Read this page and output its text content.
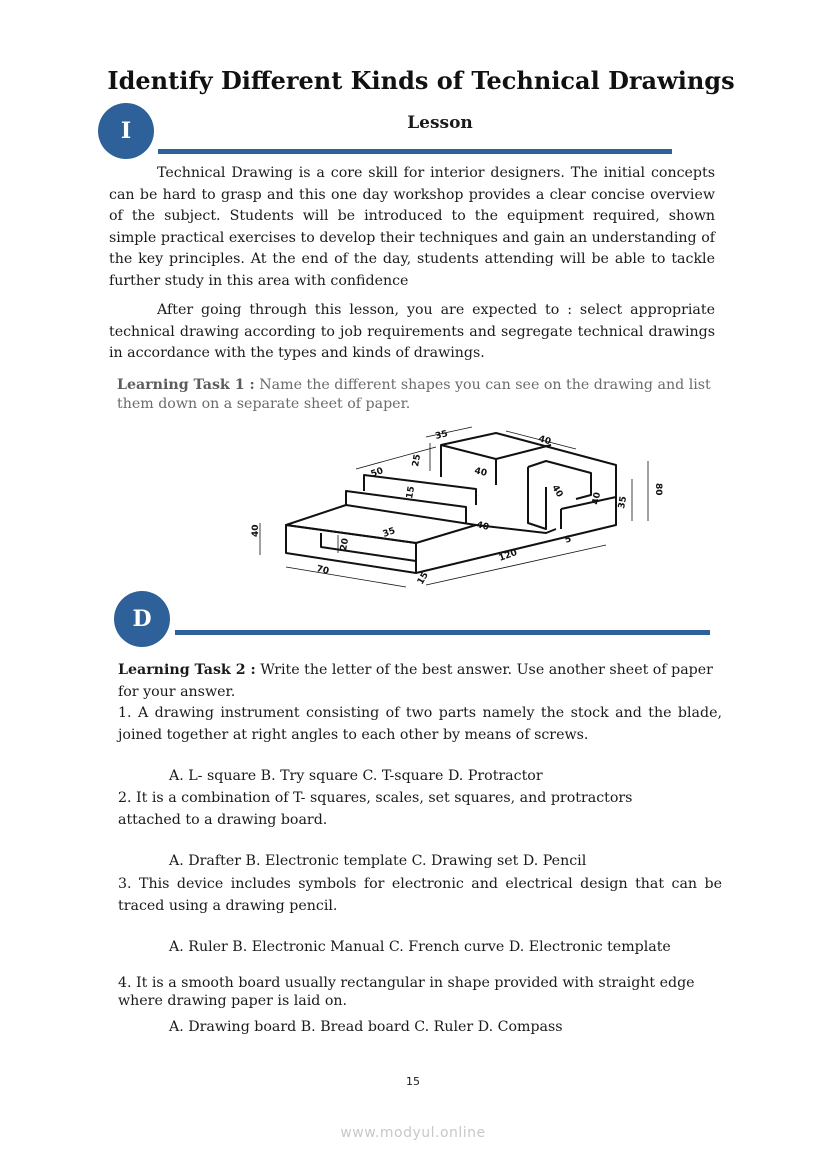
Identify Different Kinds of Technical Drawings
I	Lesson
Technical Drawing is a core skill for interior designers. The initial concepts can be hard to grasp and this one day workshop provides a clear concise overview of the subject. Students will be introduced to the equipment required, shown simple practical exercises to develop their techniques and gain an understanding of the key principles. At the end of the day, students attending will be able to tackle further study in this area with confidence
After going through this lesson, you are expected to : select appropriate technical drawing according to job requirements and segregate technical drawings in accordance with the types and kinds of drawings.
Learning Task 1 : Name the different shapes you can see on the drawing and list them down on a separate sheet of paper.
35	40
25
50	40
15	40	40
80
35
40
20
35
70
15
120
5
40
D
Learning Task 2 : Write the letter of the best answer. Use another sheet of paper for your answer.
1. A drawing instrument consisting of two parts namely the stock and the blade, joined together at right angles to each other by means of screws.
A. L- square B. Try square C. T-square D. Protractor
2. It is a combination of T- squares, scales, set squares, and protractors attached to a drawing board.
A. Drafter B. Electronic template C. Drawing set D. Pencil
3. This device includes symbols for electronic and electrical design that can be traced using a drawing pencil.
A. Ruler B. Electronic Manual C. French curve D. Electronic template
4. It is a smooth board usually rectangular in shape provided with straight edge where drawing paper is laid on.
A. Drawing board B. Bread board C. Ruler D. Compass
15
www.modyul.online
